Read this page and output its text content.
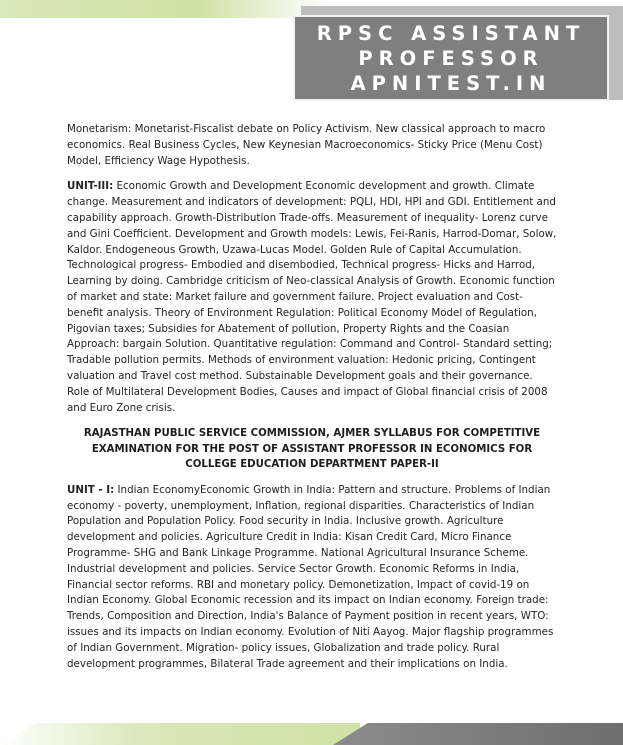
RPSC ASSISTANT
PROFESSOR
APNITEST.IN

Monetarism: Monetarist-Fiscalist debate on Policy Activism. New classical approach to macro economics. Real Business Cycles, New Keynesian Macroeconomics- Sticky Price (Menu Cost) Model, Efficiency Wage Hypothesis.

UNIT-III: Economic Growth and Development Economic development and growth. Climate change. Measurement and indicators of development: PQLI, HDI, HPI and GDI. Entitlement and capability approach. Growth-Distribution Trade-offs. Measurement of inequality- Lorenz curve and Gini Coefficient. Development and Growth models: Lewis, Fei-Ranis, Harrod-Domar, Solow, Kaldor. Endogeneous Growth, Uzawa-Lucas Model. Golden Rule of Capital Accumulation. Technological progress- Embodied and disembodied, Technical progress- Hicks and Harrod, Learning by doing. Cambridge criticism of Neo-classical Analysis of Growth. Economic function of market and state: Market failure and government failure. Project evaluation and Cost-benefit analysis. Theory of Environment Regulation: Political Economy Model of Regulation, Pigovian taxes; Subsidies for Abatement of pollution, Property Rights and the Coasian Approach: bargain Solution. Quantitative regulation: Command and Control- Standard setting; Tradable pollution permits. Methods of environment valuation: Hedonic pricing, Contingent valuation and Travel cost method. Substainable Development goals and their governance. Role of Multilateral Development Bodies, Causes and impact of Global financial crisis of 2008 and Euro Zone crisis.

RAJASTHAN PUBLIC SERVICE COMMISSION, AJMER SYLLABUS FOR COMPETITIVE EXAMINATION FOR THE POST OF ASSISTANT PROFESSOR IN ECONOMICS FOR COLLEGE EDUCATION DEPARTMENT PAPER-II

UNIT - I: Indian EconomyEconomic Growth in India: Pattern and structure. Problems of Indian economy - poverty, unemployment, Inflation, regional disparities. Characteristics of Indian Population and Population Policy. Food security in India. Inclusive growth. Agriculture development and policies. Agriculture Credit in India: Kisan Credit Card, Micro Finance Programme- SHG and Bank Linkage Programme. National Agricultural Insurance Scheme. Industrial development and policies. Service Sector Growth. Economic Reforms in India, Financial sector reforms. RBI and monetary policy. Demonetization, Impact of covid-19 on Indian Economy. Global Economic recession and its impact on Indian economy. Foreign trade: Trends, Composition and Direction, India's Balance of Payment position in recent years, WTO: issues and its impacts on Indian economy. Evolution of Niti Aayog. Major flagship programmes of Indian Government. Migration- policy issues, Globalization and trade policy. Rural development programmes, Bilateral Trade agreement and their implications on India.
